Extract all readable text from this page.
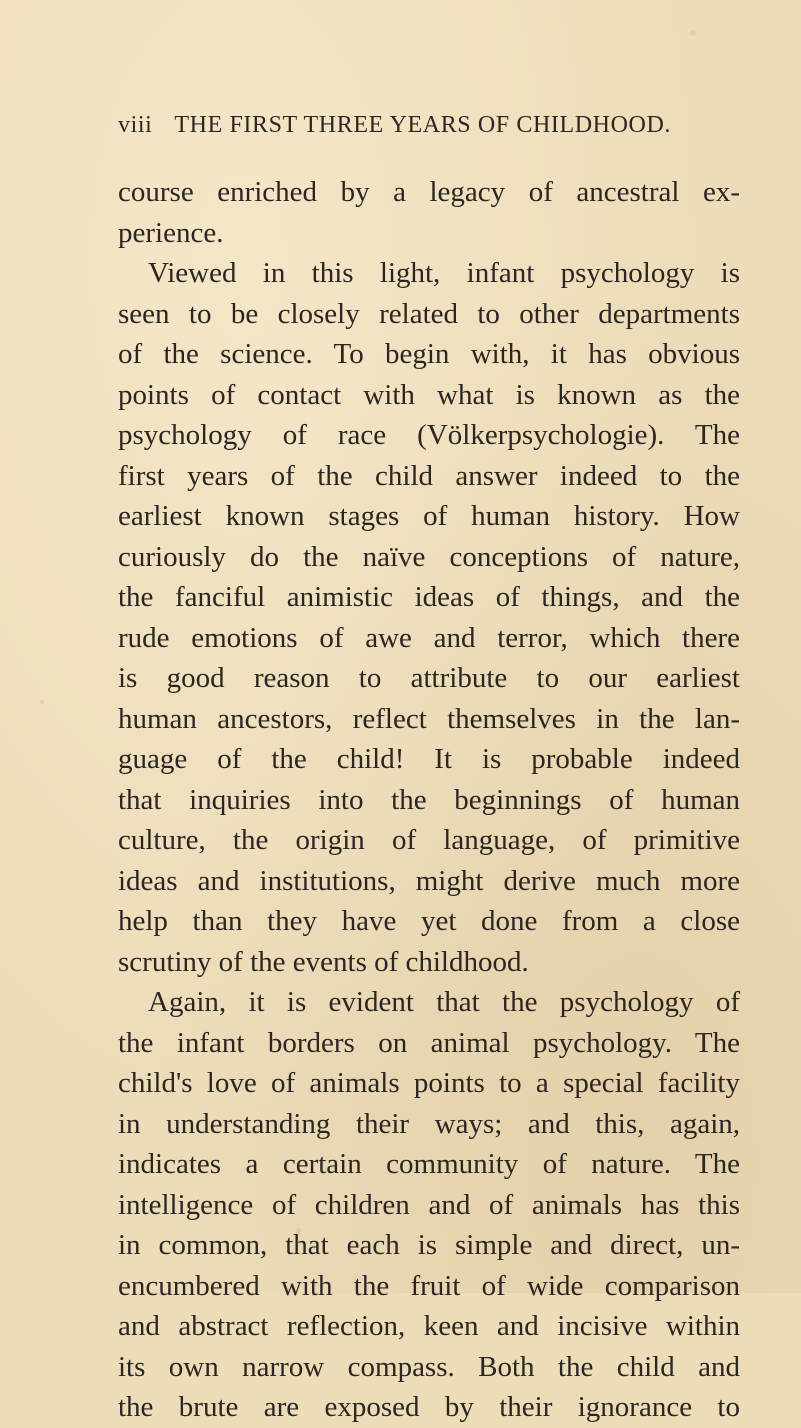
viii THE FIRST THREE YEARS OF CHILDHOOD.
course enriched by a legacy of ancestral ex-
perience.
Viewed in this light, infant psychology is
seen to be closely related to other departments
of the science. To begin with, it has obvious
points of contact with what is known as the
psychology of race (Völkerpsychologie). The
first years of the child answer indeed to the
earliest known stages of human history. How
curiously do the naïve conceptions of nature,
the fanciful animistic ideas of things, and the
rude emotions of awe and terror, which there
is good reason to attribute to our earliest
human ancestors, reflect themselves in the lan-
guage of the child! It is probable indeed
that inquiries into the beginnings of human
culture, the origin of language, of primitive
ideas and institutions, might derive much more
help than they have yet done from a close
scrutiny of the events of childhood.
Again, it is evident that the psychology of
the infant borders on animal psychology. The
child's love of animals points to a special facility
in understanding their ways; and this, again,
indicates a certain community of nature. The
intelligence of children and of animals has this
in common, that each is simple and direct, un-
encumbered with the fruit of wide comparison
and abstract reflection, keen and incisive within
its own narrow compass. Both the child and
the brute are exposed by their ignorance to
